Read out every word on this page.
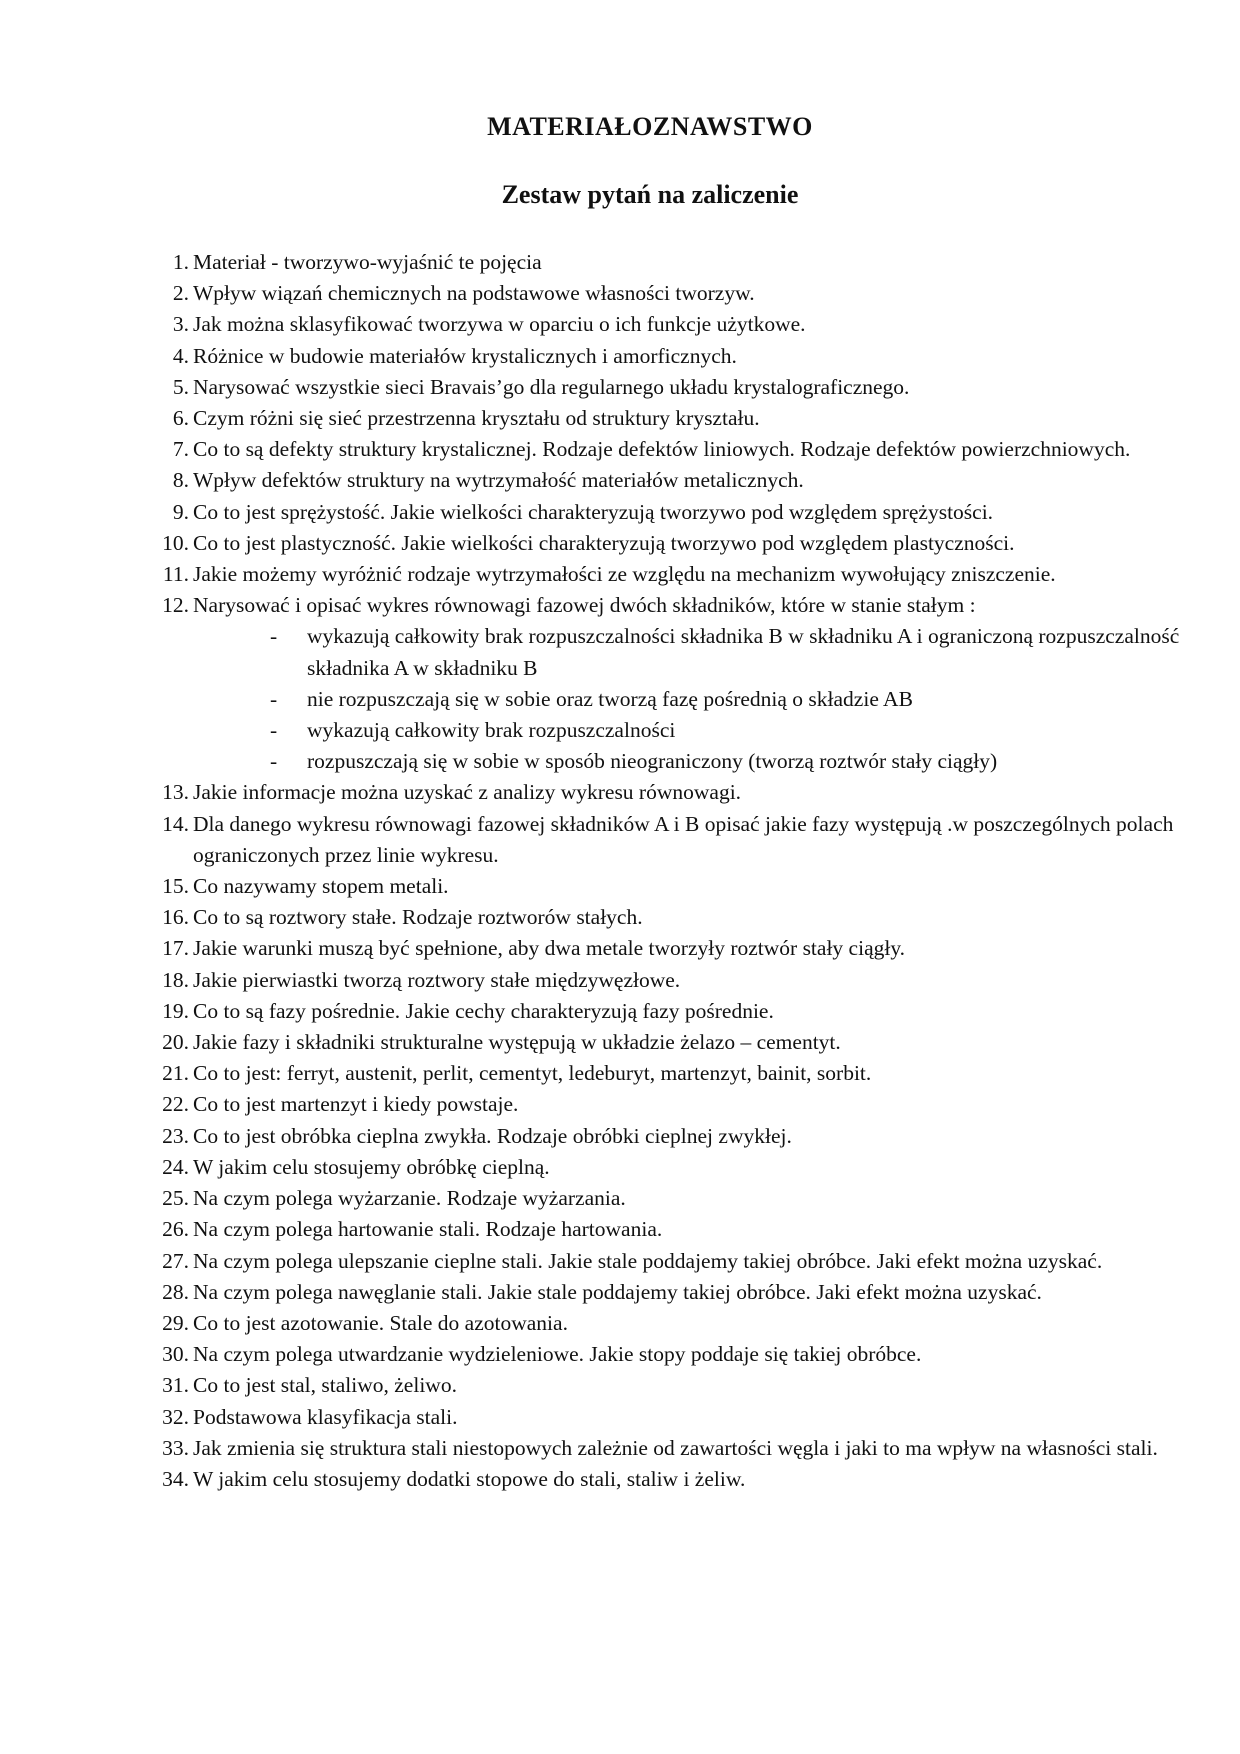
MATERIAŁOZNAWSTWO
Zestaw pytań na zaliczenie
1. Materiał - tworzywo-wyjaśnić te pojęcia
2. Wpływ wiązań chemicznych na podstawowe własności tworzyw.
3. Jak można sklasyfikować tworzywa w oparciu o ich funkcje użytkowe.
4. Różnice w budowie materiałów krystalicznych i amorficznych.
5. Narysować wszystkie sieci Bravais’go dla regularnego układu krystalograficznego.
6. Czym różni się sieć przestrzenna kryształu od struktury kryształu.
7. Co to są defekty struktury krystalicznej. Rodzaje defektów liniowych. Rodzaje defektów powierzchniowych.
8. Wpływ defektów struktury na wytrzymałość materiałów metalicznych.
9. Co to jest sprężystość. Jakie wielkości charakteryzują tworzywo pod względem sprężystości.
10. Co to jest plastyczność. Jakie wielkości charakteryzują tworzywo pod względem plastyczności.
11. Jakie możemy wyróżnić rodzaje wytrzymałości ze względu na mechanizm wywołujący zniszczenie.
12. Narysować i opisać wykres równowagi fazowej dwóch składników, które w stanie stałym :
- wykazują całkowity brak rozpuszczalności składnika B w składniku A i ograniczoną rozpuszczalność składnika A w składniku B
- nie rozpuszczają się w sobie oraz tworzą fazę pośrednią o składzie AB
- wykazują całkowity brak rozpuszczalności
- rozpuszczają się w sobie w sposób nieograniczony (tworzą roztwór stały ciągły)
13. Jakie informacje można uzyskać z analizy wykresu równowagi.
14. Dla danego wykresu równowagi fazowej składników A i B opisać jakie fazy występują .w poszczególnych polach ograniczonych przez linie wykresu.
15. Co nazywamy stopem metali.
16. Co to są roztwory stałe. Rodzaje roztworów stałych.
17. Jakie warunki muszą być spełnione, aby dwa metale tworzyły roztwór stały ciągły.
18. Jakie pierwiastki tworzą roztwory stałe międzywęzłowe.
19. Co to są fazy pośrednie. Jakie cechy charakteryzują fazy pośrednie.
20. Jakie fazy i składniki strukturalne występują w układzie żelazo – cementyt.
21. Co to jest: ferryt, austenit, perlit, cementyt, ledeburyt, martenzyt, bainit, sorbit.
22. Co to jest martenzyt i kiedy powstaje.
23. Co to jest obróbka cieplna zwykła. Rodzaje obróbki cieplnej zwykłej.
24. W jakim celu stosujemy obróbkę cieplną.
25. Na czym polega wyżarzanie. Rodzaje wyżarzania.
26. Na czym polega hartowanie stali. Rodzaje hartowania.
27. Na czym polega ulepszanie cieplne stali. Jakie stale poddajemy takiej obróbce. Jaki efekt można uzyskać.
28. Na czym polega nawęglanie stali. Jakie stale poddajemy takiej obróbce. Jaki efekt można uzyskać.
29. Co to jest azotowanie. Stale do azotowania.
30. Na czym polega utwardzanie wydzieleniowe. Jakie stopy poddaje się takiej obróbce.
31. Co to jest stal, staliwo, żeliwo.
32. Podstawowa klasyfikacja stali.
33. Jak zmienia się struktura stali niestopowych zależnie od zawartości węgla i jaki to ma wpływ na własności stali.
34. W jakim celu stosujemy dodatki stopowe do stali, staliw i żeliw.
